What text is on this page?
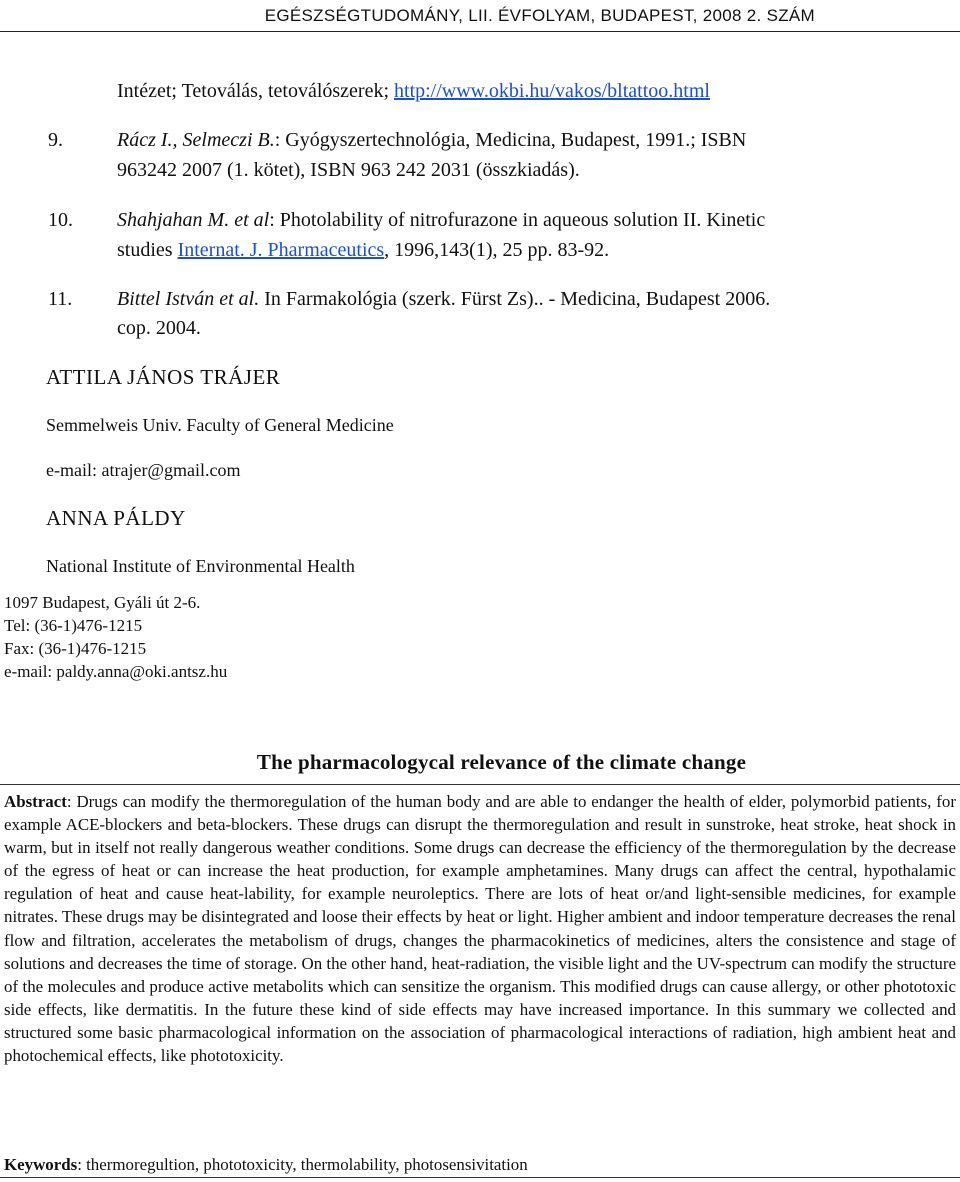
EGÉSZSÉGTUDOMÁNY, LII. ÉVFOLYAM, BUDAPEST, 2008 2. SZÁM
Intézet; Tetoválás, tetoválószerek; http://www.okbi.hu/vakos/bltattoo.html
9.	Rácz I., Selmeczi B.: Gyógyszertechnológia, Medicina, Budapest, 1991.; ISBN
963242 2007 (1. kötet), ISBN 963 242 2031 (összkiadás).
10. Shahjahan M. et al: Photolability of nitrofurazone in aqueous solution II. Kinetic
studies Internat. J. Pharmaceutics, 1996,143(1), 25 pp. 83-92.
11. Bittel István et al. In Farmakológia (szerk. Fürst Zs).. - Medicina, Budapest 2006.
cop. 2004.
ATTILA JÁNOS TRÁJER
Semmelweis Univ. Faculty of General Medicine
e-mail: atrajer@gmail.com
ANNA PÁLDY
National Institute of Environmental Health
1097 Budapest, Gyáli út 2-6.
Tel: (36-1)476-1215
Fax: (36-1)476-1215
e-mail: paldy.anna@oki.antsz.hu
The pharmacologycal relevance of the climate change
Abstract: Drugs can modify the thermoregulation of the human body and are able to endanger the health of elder, polymorbid patients, for example ACE-blockers and beta-blockers. These drugs can disrupt the thermoregulation and result in sunstroke, heat stroke, heat shock in warm, but in itself not really dangerous weather conditions. Some drugs can decrease the efficiency of the thermoregulation by the decrease of the egress of heat or can increase the heat production, for example amphetamines. Many drugs can affect the central, hypothalamic regulation of heat and cause heat-lability, for example neuroleptics. There are lots of heat or/and light-sensible medicines, for example nitrates. These drugs may be disintegrated and loose their effects by heat or light. Higher ambient and indoor temperature decreases the renal flow and filtration, accelerates the metabolism of drugs, changes the pharmacokinetics of medicines, alters the consistence and stage of solutions and decreases the time of storage. On the other hand, heat-radiation, the visible light and the UV-spectrum can modify the structure of the molecules and produce active metabolits which can sensitize the organism. This modified drugs can cause allergy, or other phototoxic side effects, like dermatitis. In the future these kind of side effects may have increased importance. In this summary we collected and structured some basic pharmacological information on the association of pharmacological interactions of radiation, high ambient heat and photochemical effects, like phototoxicity.
Keywords: thermoregultion, phototoxicity, thermolability, photosensivitation
